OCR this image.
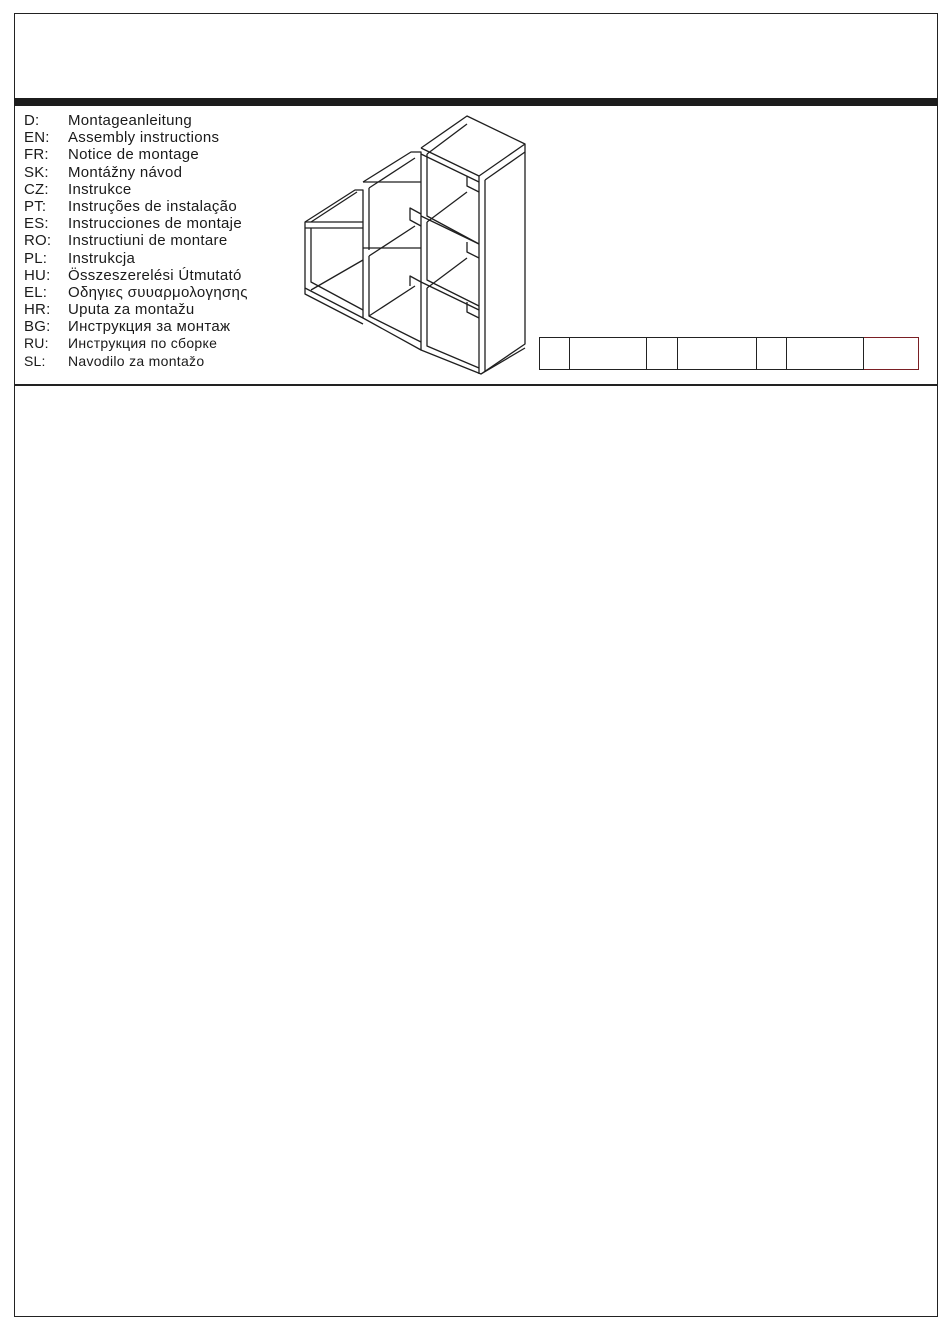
D: Montageanleitung
EN: Assembly instructions
FR: Notice de montage
SK: Montážny návod
CZ: Instrukce
PT: Instruções de instalação
ES: Instrucciones de montaje
RO: Instructiuni de montare
PL: Instrukcja
HU: Összeszerelési Útmutató
EL: Οδηγιες συυαρμολογησης
HR: Uputa za montažu
BG: Инструкция за монтаж
RU: Инструкция по сборке
SL: Navodilo za montažo
